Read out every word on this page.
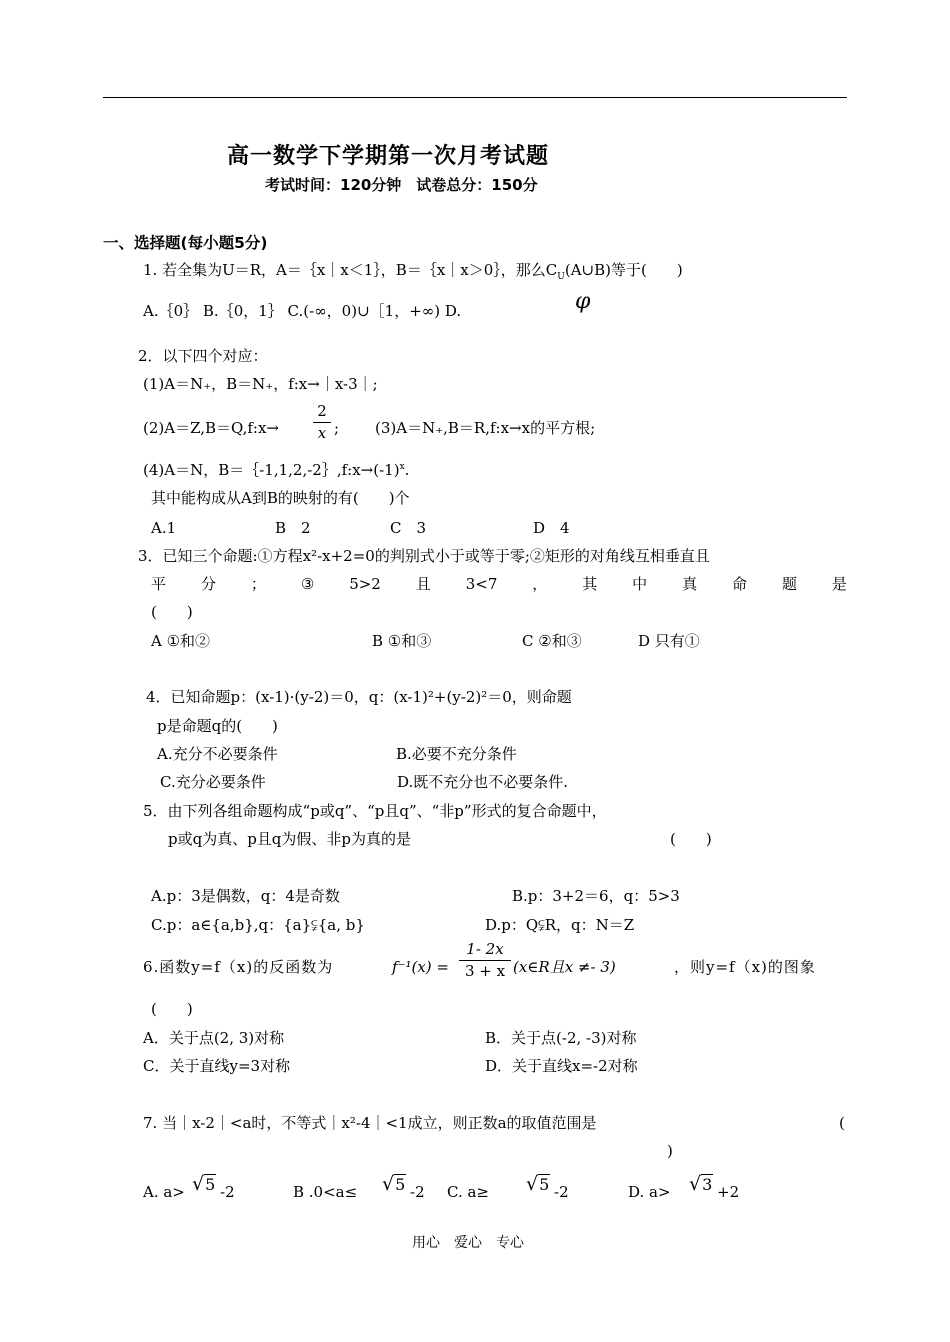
高一数学下学期第一次月考试题
考试时间：120分钟　试卷总分：150分
一、选择题(每小题5分)
1. 若全集为U＝R，A＝｛x｜x＜1｝，B＝｛x｜x＞0｝，那么$C_U(A\cup B)$等于(　　)
A.｛0｝ B.｛0，1｝ C.(-∞，0)∪［1，+∞) D.	φ
2．以下四个对应：
(1)A＝N₊，B＝N₊，f:x→｜x-3｜;
(2)A＝Z,B＝Q,f:x→
2
x ; (3)A＝N₊,B＝R,f:x→x的平方根;
(4)A＝N，$B=\{-1,1,2,-2\},f:x\to(-1)^x$.
其中能构成从A到B的映射的有(　　)个
A.1	B　2	C　3	D　4
3．已知三个命题:①方程x²-x+2=0的判别式小于或等于零;②矩形的对角线互相垂直且
平 分 ； ③ 5>2 且 3<7 ， 其 中 真 命 题 是
(　　)
A ①和②	B ①和③	C ②和③	D 只有①
4．已知命题p：(x-1)·(y-2)＝0，q：(x-1)²+(y-2)²＝0，则命题
p是命题q的(　　)
A.充分不必要条件	B.必要不充分条件
C.充分必要条件	D.既不充分也不必要条件.
5．由下列各组命题构成“p或q”、“p且q”、“非p”形式的复合命题中，
p或q为真、p且q为假、非p为真的是	(　　)
A.p：3是偶数，q：4是奇数	B.p：3+2＝6，q：5>3
C.p：a∈{a,b},q：{a}⫋{a, b}	D.p：Q⫋R，q：N＝Z
6.函数y=f（x)的反函数为	f⁻¹(x) =
1- 2x
3 + x (x∈R且x ≠- 3)	，则y=f（x)的图象
(　　)
A．关于点(2, 3)对称	B．关于点(-2, -3)对称
C．关于直线y=3对称	D．关于直线x=-2对称
7. 当｜x-2｜<a时，不等式｜x²-4｜<1成立，则正数a的取值范围是	(
)
A. a> √5 -2	B .0<a≤ √5 -2 C. a≥ √5 -2	D. a> √3 +2
用心　爱心　专心
